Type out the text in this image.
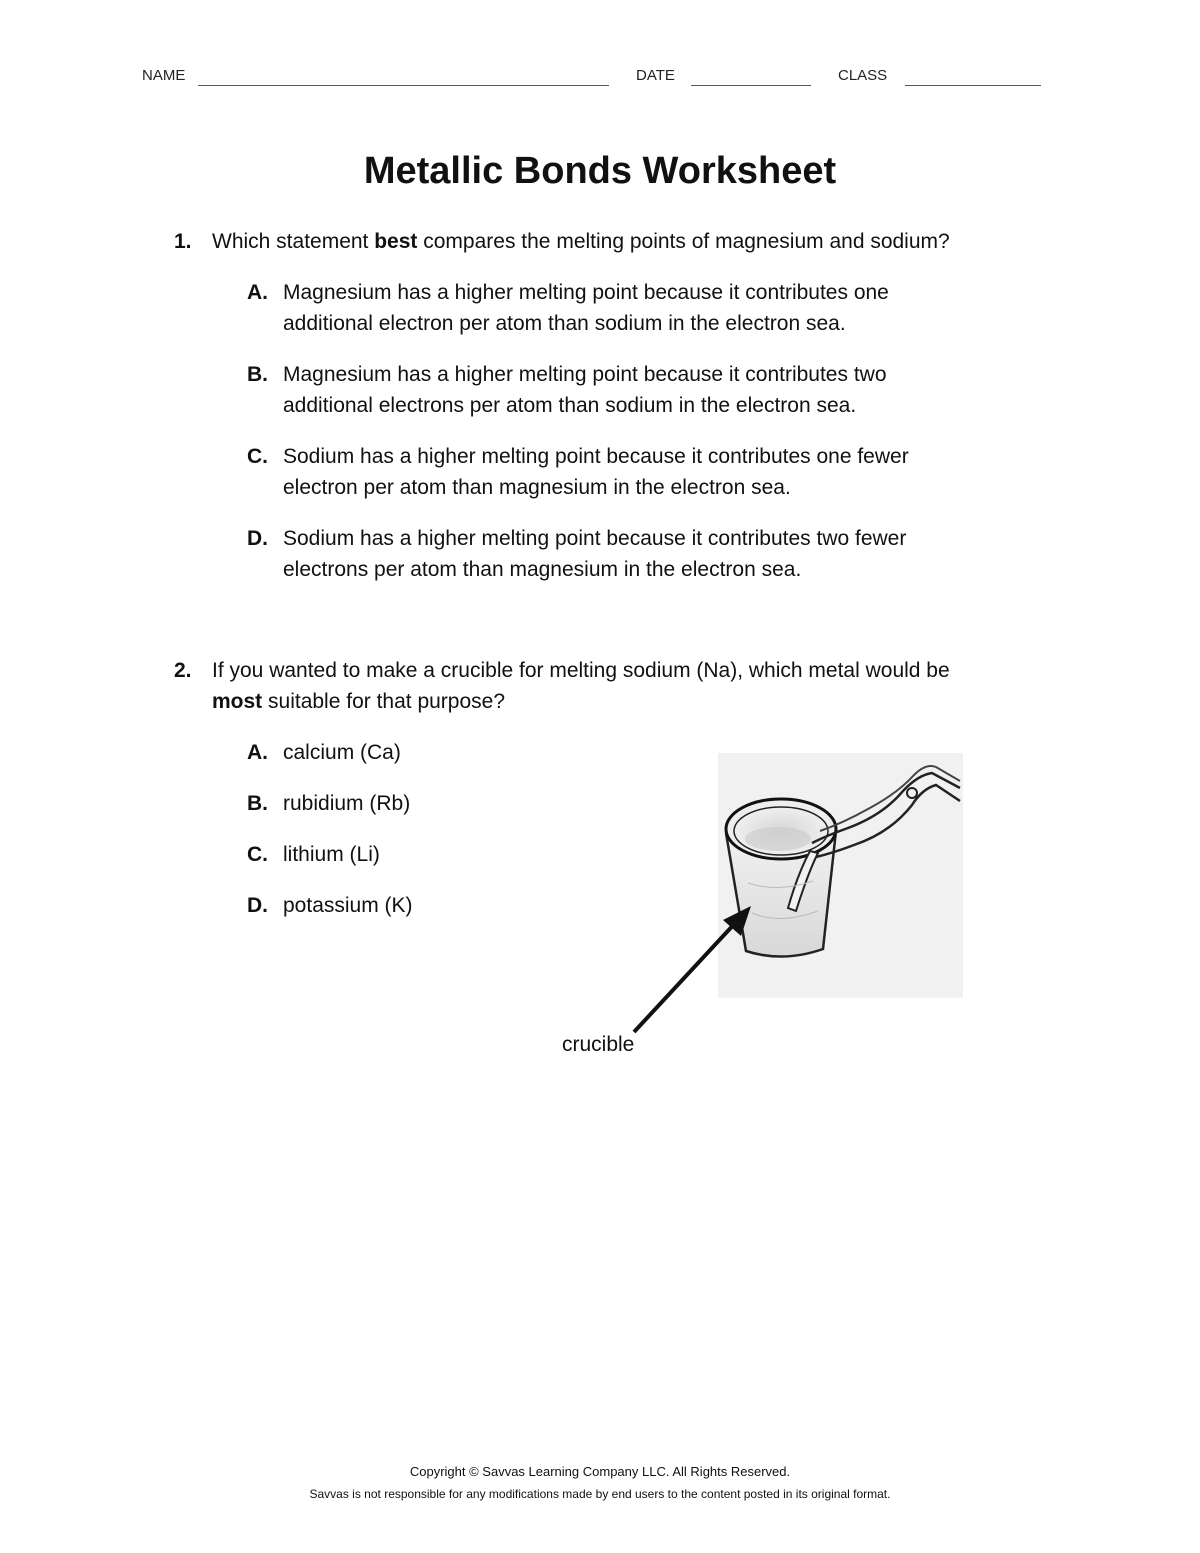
NAME	DATE	CLASS
Metallic Bonds Worksheet
1. Which statement best compares the melting points of magnesium and sodium?
A. Magnesium has a higher melting point because it contributes one
additional electron per atom than sodium in the electron sea.
B. Magnesium has a higher melting point because it contributes two
additional electrons per atom than sodium in the electron sea.
C. Sodium has a higher melting point because it contributes one fewer
electron per atom than magnesium in the electron sea.
D. Sodium has a higher melting point because it contributes two fewer
electrons per atom than magnesium in the electron sea.
2. If you wanted to make a crucible for melting sodium (Na), which metal would be
most suitable for that purpose?
A. calcium (Ca)
B. rubidium (Rb)
C. lithium (Li)
D. potassium (K)
crucible
Copyright © Savvas Learning Company LLC. All Rights Reserved.
Savvas is not responsible for any modifications made by end users to the content posted in its original format.
